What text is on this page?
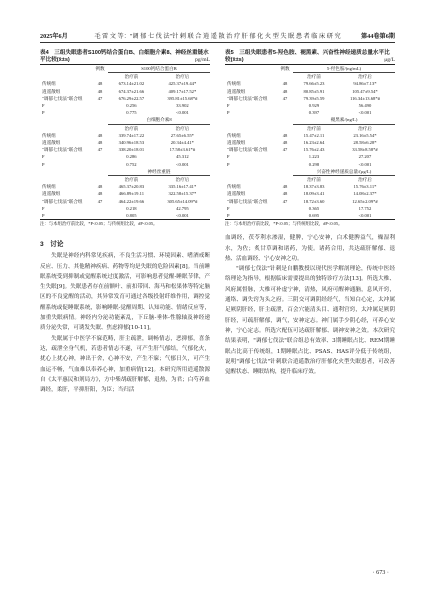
2025年6月	毛 雷 文 等："调 郁 七 伐 法"针 刺 联 合 逍 遥 散 治 疗 肝 郁 化 火 型 失 眠 患 者 临 床 研 究	第44卷第6期
表4　三组失眠患者S100钙结合蛋白B、白细胞介素8、神经丝重链水平比较(x̄±s)	pg/mL
	例数	S100钙结合蛋白B	
		治疗前	治疗后
传统组	48	673.14±21.02	425.37±19.44*
逍遥散组	48	674.37±21.66	409.17±17.52*
"调郁七伐法"联合组	47	676.29±22.57	395.81±15.68*#
F		0.256	33.902
P		0.775	<0.001
		白细胞介素8	
		治疗前	治疗后
传统组	48	339.74±17.22	27.65±6.55*
逍遥散组	48	340.96±18.53	20.34±4.41*
"调郁七伐法"联合组	47	338.20±18.01	17.58±3.61*#
F		0.286	45.312
P		0.752	<0.001
		神经丝重链	
		治疗前	治疗后
传统组	48	465.37±20.83	335.16±17.41*
逍遥散组	48	466.89±19.11	322.58±15.37*
"调郁七伐法"联合组	47	464.22±19.66	305.65±14.09*#
F		0.218	42.795
P		0.805	<0.001
注：与本组治疗前比较，*P<0.05；与传统组比较，#P<0.05。
3　讨论
失眠是神经内科常见疾病，不良生活习惯、环境因素、嗜酒戒断反应、压力、其他精神疾病、药物等均是失眠的危险因素[8]。当前睡眠系统受到抑制或觉醒系统过度激活，可影响患者觉醒-睡眠节律，产生失眠[9]。失眠患者存在前额叶、前扣带回、海马和松果体等特定脑区的不良觉醒的活动，其异常发育可通过各级投射纤维作用，调控觉醒系统或促睡眠系统，影响睡眠-觉醒周期、认知功能、情绪反应等，加重失眠病情。神经内分泌功能紊乱，下丘脑-垂体-性腺轴及神经递质分泌失常，可诱发失眠、焦虑抑郁[10-11]。
失眠属于中医学不寐范畴，肝主疏泄，调畅情志，恶抑郁，喜条达，疏泄全身气机，若患者情志不遂，可产生肝气郁结，气郁化火，扰心上扰心神，神出于舍，心神不安，产生不寐；气郁日久，可产生血运不畅，气血难以奉养心神，加重病情[12]。本研究所用逍遥散源自《太平惠民和剂局方》，方中柴胡疏肝解郁，退热，为君；白芍养血调经，柔肝，平抑肝阳，为臣；当归活
表5　三组失眠患者5-羟色胺、褪黑素、兴奋性神经递质总量水平比较(x̄±s)	μg/L
	例数	5-羟色胺/(ng/mL)	
		治疗前	治疗后
传统组	48	79.66±5.23	94.86±7.13*
逍遥散组	48	80.85±5.91	105.47±9.54*
"调郁七伐法"联合组	47	79.39±5.59	116.34±13.68*#
F		0.929	56.490
P		0.397	<0.001
		褪黑素/(ng/L)	
		治疗前	治疗后
传统组	48	15.47±2.11	23.16±5.54*
逍遥散组	48	16.23±2.64	28.58±6.28*
"调郁七伐法"联合组	47	15.76±2.43	33.58±8.58*#
F		1.223	27.207
P		0.298	<0.001
		兴奋性神经递质总量/(μg/L)	
		治疗前	治疗后
传统组	48	18.37±3.83	15.76±3.11*
逍遥散组	48	18.09±3.41	14.08±2.37*
"调郁七伐法"联合组	47	18.72±3.60	12.65±2.09*#
F		0.365	17.752
P		0.695	<0.001
注：与本组治疗前比较，*P<0.05；与传统组比较，#P<0.05。
血调经，茯苓利水渗湿，健脾，宁心安神，白术健脾益气，燥湿利水，为佐；炙甘草调和诸药，为使。诸药合用，共达疏肝解郁、退热、活血调经、宁心安神之功。
"调郁七伐法"针刺是自鹏教授以现代医学解剖理论，传统中医经络理论为指导，根据临床需要提出的独特诊疗方法[13]。所选大椎、风府属督脉，大椎可补虚宁神，清热，风府可醒神通脑，息风开窍，通络、调失窍为头之府。三阴交可调阴经经气，当知白心定，太冲属足厥阴肝经，肝主疏泄，百会穴能清头目、通利官窍，太冲属足厥阴肝经，可疏肝解郁，调气，安神定志。神门属手少阴心经，可养心安神，宁心定志。所选穴配伍可达疏肝解郁、调神安神之效。本次研究结果表明，"调郁七伐法"联合组总有效率、3期睡眠占比、REM期睡眠占比高于传统组，1期睡眠占比、PSAS、HAS评分低于传统组，说明"调郁七伐法"针刺联合逍遥散治疗肝郁化火型失眠患者，可改善觉醒状态、睡眠结构，提升临床疗效。
· 673 ·
